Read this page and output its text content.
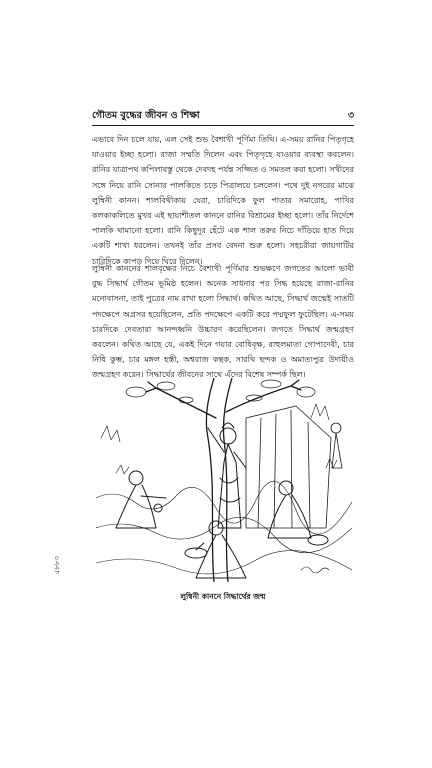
গৌতম বুদ্ধের জীবন ও শিক্ষা	৩

এভাবে দিন চলে যায়, এল সেই শুভ বৈশাখী পূর্ণিমা তিথি। এ-সময় রানির পিতৃগৃহে যাওয়ার ইচ্ছা হলো। রাজা সম্মতি দিলেন এবং পিতৃগৃহে যাওয়ার ব্যবস্থা করলেন। রানির যাত্রাপথ কপিলাবস্তু থেকে দেবদহ পর্যন্ত সজ্জিত ও সমতল করা হলো। সখীদের সঙ্গে নিয়ে রানি সোনার পালকিতে চড়ে পিত্রালয়ে চললেন। পথে দুই নগরের মাঝে লুম্বিনী কানন। শালবিথীকায় ঘেরা, চারিদিকে ফুল পাতার সমারোহ, পাখির কলকাকলিতে মুখর এই ছায়াশীতল কাননে রানির বিশ্রামের ইচ্ছা হলো। তাঁর নির্দেশে পালকি থামানো হলো। রানি কিছুদূর হেঁটে এক শাল তরুর নিচে দাঁড়িয়ে হাত দিয়ে একটি শাখা ধরলেন। তখনই তাঁর প্রসব বেদনা শুরু হলো। সহচরীরা জায়গাটির চারিদিকে কাপড় দিয়ে ঘিরে দিলেন।

লুম্বিনী কাননের শালবৃক্ষের নিচে বৈশাখী পূর্ণিমার শুভক্ষণে জগতের আলো ভাবী বুদ্ধ সিদ্ধার্থ গৌতম ভূমিষ্ঠ হলেন। অনেক সাধনার পর সিদ্ধ হয়েছে রাজা-রানির মনোবাসনা, তাই পুত্রের নাম রাখা হলো সিদ্ধার্থ। কথিত আছে, সিদ্ধার্থ জন্মেই সাতটি পদক্ষেপে অগ্রসর হয়েছিলেন, প্রতি পদক্ষেপে একটি করে পদ্মফুল ফুটেছিল। এ-সময় চারদিকে দেবতারা আনন্দধ্বনি উচ্চারণ করেছিলেন। জগতে সিদ্ধার্থ জন্মগ্রহণ করলেন। কথিত আছে যে, একই দিনে গয়ার বোধিবৃক্ষ, রাহুলমাতা গোপাদেবী, চার নিধি কুম্ভ, চার মঙ্গল হস্তী, অশ্বরাজ কন্থক, সারথি ছন্দক ও অমাত্যপুত্র উদায়ীও জন্মগ্রহণ করেন। সিদ্ধার্থের জীবনের সাথে এঁদের বিশেষ সম্পর্ক ছিল।

লুম্বিনী কাননে সিদ্ধার্থের জন্ম
৫৮৮৩
